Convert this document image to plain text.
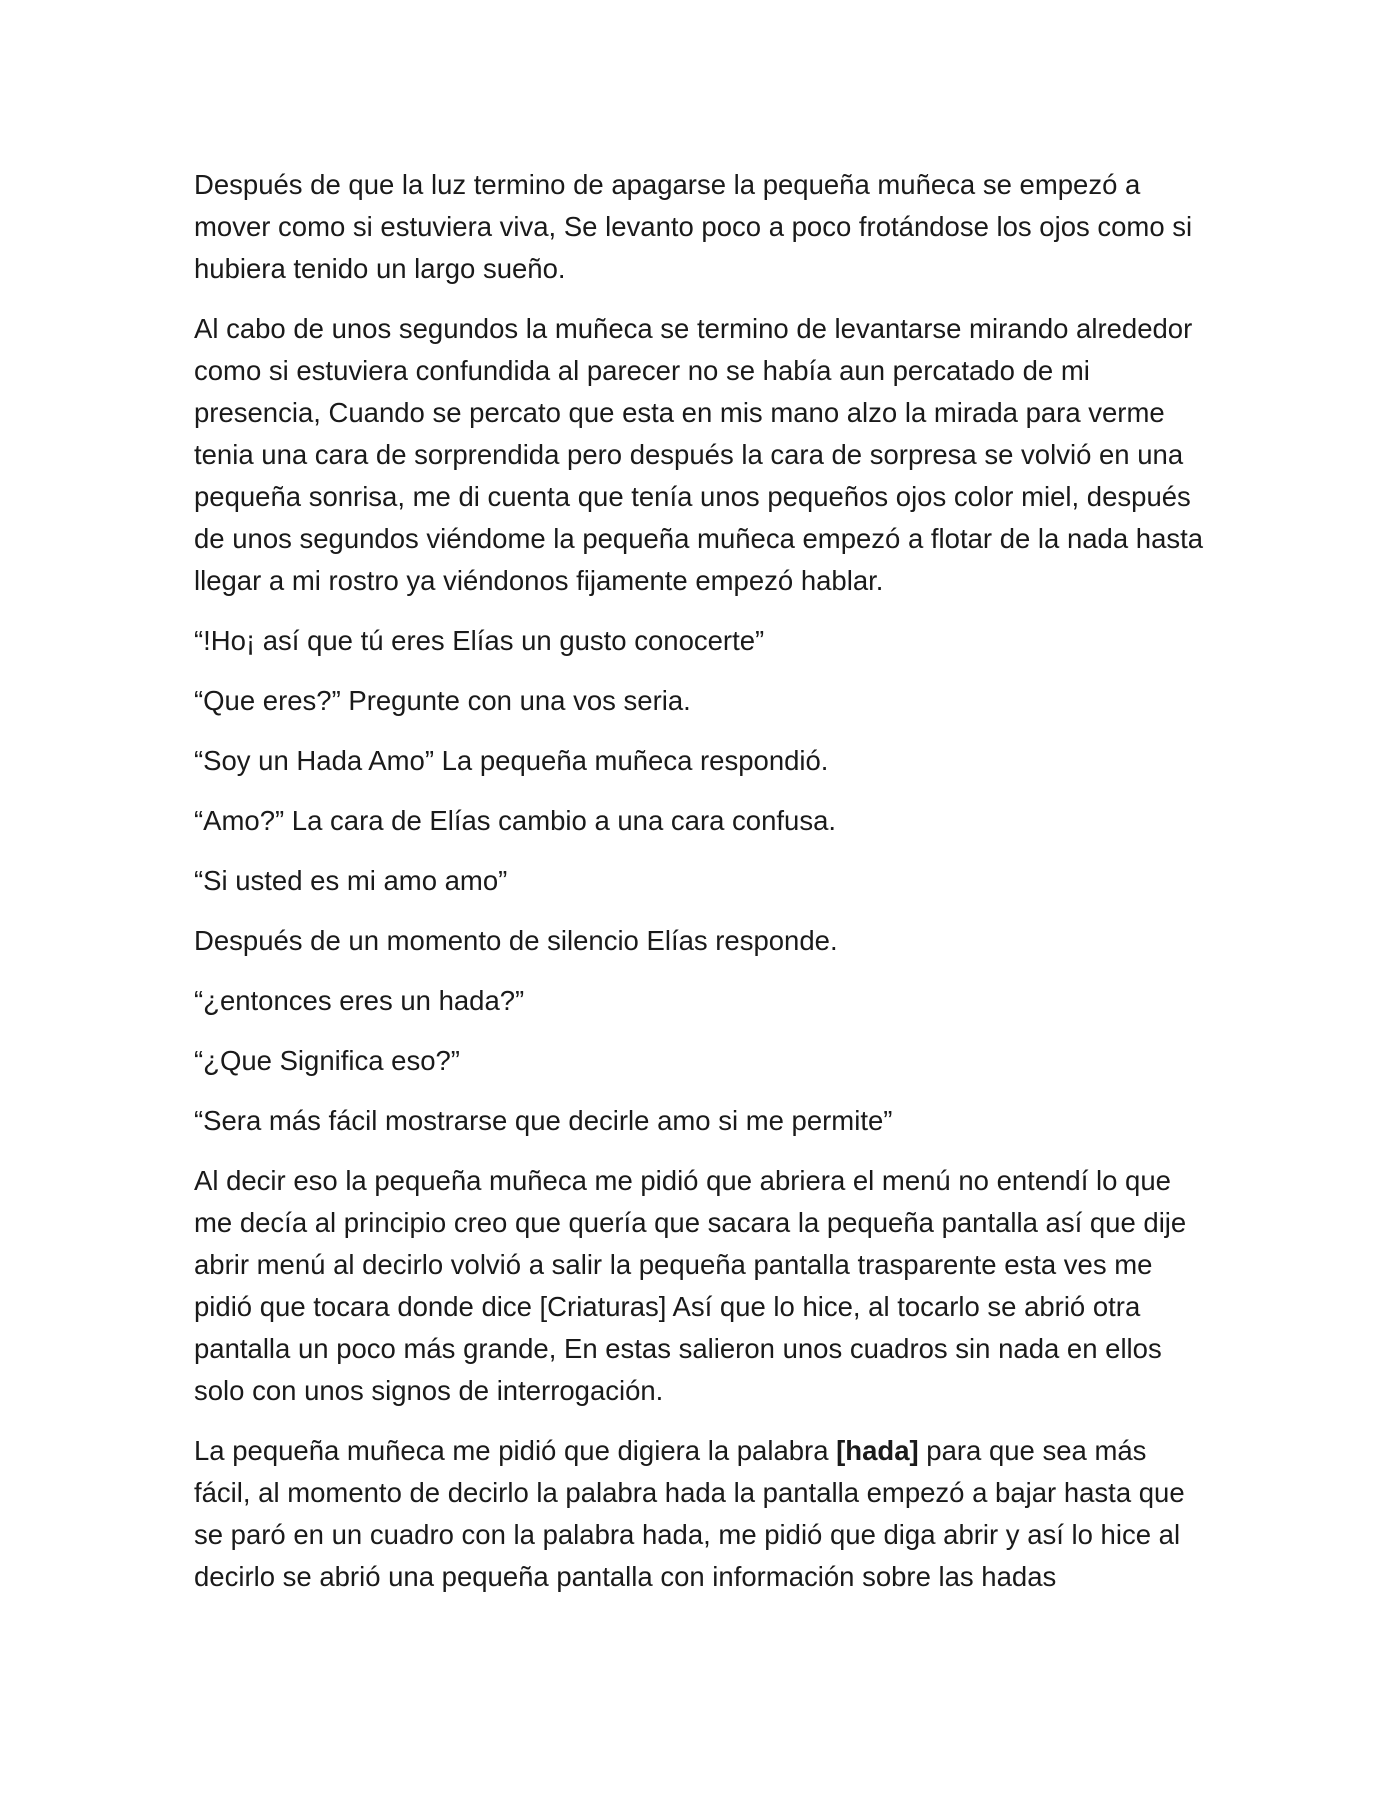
Después de que la luz termino de apagarse la pequeña muñeca se empezó a mover como si estuviera viva, Se levanto poco a poco frotándose los ojos como si hubiera tenido un largo sueño.

Al cabo de unos segundos la muñeca se termino de levantarse mirando alrededor como si estuviera confundida al parecer no se había aun percatado de mi presencia, Cuando se percato que esta en mis mano alzo la mirada para verme tenia una cara de sorprendida pero después la cara de sorpresa se volvió en una pequeña sonrisa, me di cuenta que tenía unos pequeños ojos color miel, después de unos segundos viéndome la pequeña muñeca empezó a flotar de la nada hasta llegar a mi rostro ya viéndonos fijamente empezó hablar.

“!Ho¡ así que tú eres Elías un gusto conocerte”

“Que eres?” Pregunte con una vos seria.

“Soy un Hada Amo” La pequeña muñeca respondió.

“Amo?” La cara de Elías cambio a una cara confusa.

“Si usted es mi amo amo”

Después de un momento de silencio Elías responde.

“¿entonces eres un hada?”

“¿Que Significa eso?”

“Sera más fácil mostrarse que decirle amo si me permite”

Al decir eso la pequeña muñeca me pidió que abriera el menú no entendí lo que me decía al principio creo que quería que sacara la pequeña pantalla así que dije abrir menú al decirlo volvió a salir la pequeña pantalla trasparente esta ves me pidió que tocara donde dice [Criaturas] Así que lo hice, al tocarlo se abrió otra pantalla un poco más grande, En estas salieron unos cuadros sin nada en ellos solo con unos signos de interrogación.

La pequeña muñeca me pidió que digiera la palabra [hada] para que sea más fácil, al momento de decirlo la palabra hada la pantalla empezó a bajar hasta que se paró en un cuadro con la palabra hada, me pidió que diga abrir y así lo hice al decirlo se abrió una pequeña pantalla con información sobre las hadas
